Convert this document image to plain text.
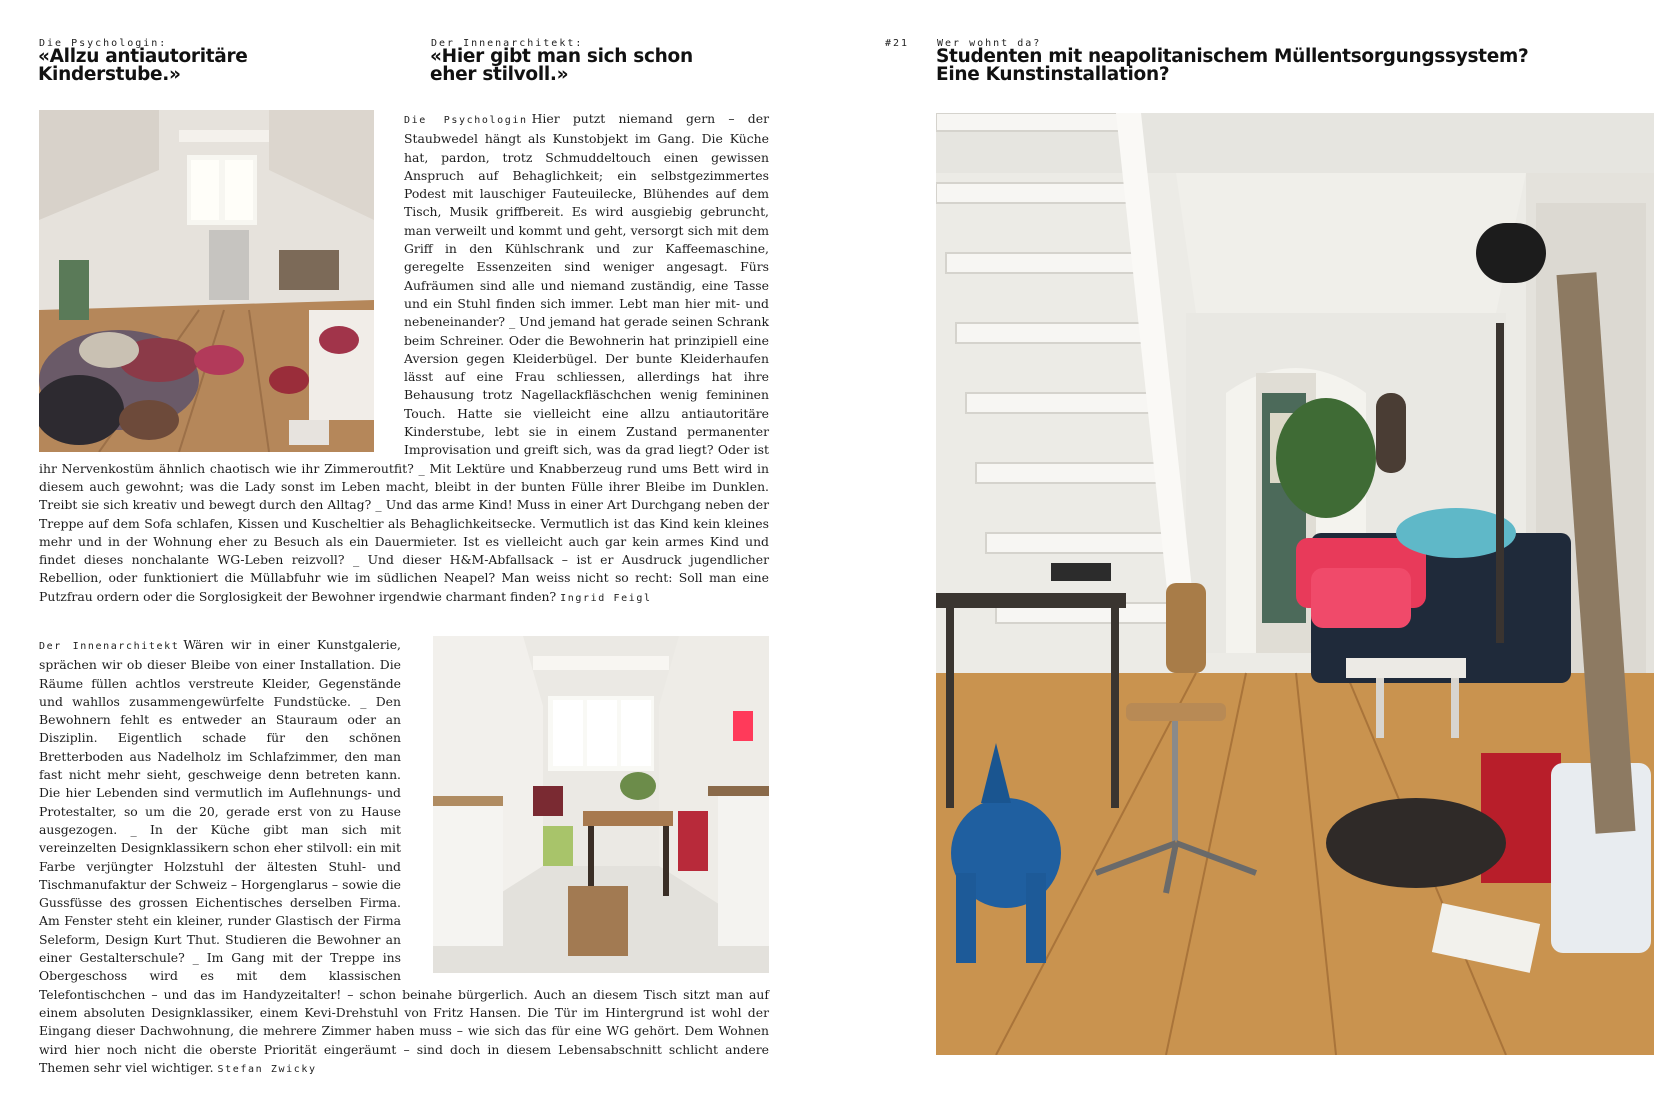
Die Psychologin:
«Allzu antiautoritäre
Kinderstube.»
Der Innenarchitekt:
«Hier gibt man sich schon
eher stilvoll.»
Die Psychologin Hier putzt niemand gern – der Staubwedel hängt als Kunstobjekt im Gang. Die Küche hat, pardon, trotz Schmuddeltouch einen gewissen Anspruch auf Behaglichkeit; ein selbstgezimmertes Podest mit lauschiger Fauteuilecke, Blühendes auf dem Tisch, Musik griffbereit. Es wird ausgiebig gebruncht, man verweilt und kommt und geht, versorgt sich mit dem Griff in den Kühlschrank und zur Kaffeemaschine, geregelte Essenzeiten sind weniger angesagt. Fürs Aufräumen sind alle und niemand zuständig, eine Tasse und ein Stuhl finden sich immer. Lebt man hier mit- und nebeneinander? _ Und jemand hat gerade seinen Schrank beim Schreiner. Oder die Bewohnerin hat prinzipiell eine Aversion gegen Kleiderbügel. Der bunte Kleiderhaufen lässt auf eine Frau schliessen, allerdings hat ihre Behausung trotz Nagellackfläschchen wenig femininen Touch. Hatte sie vielleicht eine allzu antiautoritäre Kinderstube, lebt sie in einem Zustand permanenter Improvisation und greift sich, was da grad liegt? Oder ist ihr Nervenkostüm ähnlich chaotisch wie ihr Zimmeroutfit? _ Mit Lektüre und Knabberzeug rund ums Bett wird in diesem auch gewohnt; was die Lady sonst im Leben macht, bleibt in der bunten Fülle ihrer Bleibe im Dunklen. Treibt sie sich kreativ und bewegt durch den Alltag? _ Und das arme Kind! Muss in einer Art Durchgang neben der Treppe auf dem Sofa schlafen, Kissen und Kuscheltier als Behaglichkeitsecke. Vermutlich ist das Kind kein kleines mehr und in der Wohnung eher zu Besuch als ein Dauermieter. Ist es vielleicht auch gar kein armes Kind und findet dieses nonchalante WG-Leben reizvoll? _ Und dieser H&M-Abfallsack – ist er Ausdruck jugendlicher Rebellion, oder funktioniert die Müllabfuhr wie im südlichen Neapel? Man weiss nicht so recht: Soll man eine Putzfrau ordern oder die Sorglosigkeit der Bewohner irgendwie charmant finden? Ingrid Feigl
Der Innenarchitekt Wären wir in einer Kunstgalerie, sprächen wir ob dieser Bleibe von einer Installation. Die Räume füllen achtlos verstreute Kleider, Gegenstände und wahllos zusammengewürfelte Fundstücke. _ Den Bewohnern fehlt es entweder an Stauraum oder an Disziplin. Eigentlich schade für den schönen Bretterboden aus Nadelholz im Schlafzimmer, den man fast nicht mehr sieht, geschweige denn betreten kann. Die hier Lebenden sind vermutlich im Auflehnungs- und Protestalter, so um die 20, gerade erst von zu Hause ausgezogen. _ In der Küche gibt man sich mit vereinzelten Designklassikern schon eher stilvoll: ein mit Farbe verjüngter Holzstuhl der ältesten Stuhl- und Tischmanufaktur der Schweiz – Horgenglarus – sowie die Gussfüsse des grossen Eichentisches derselben Firma. Am Fenster steht ein kleiner, runder Glastisch der Firma Seleform, Design Kurt Thut. Studieren die Bewohner an einer Gestalterschule? _ Im Gang mit der Treppe ins Obergeschoss wird es mit dem klassischen Telefontischchen – und das im Handyzeitalter! – schon beinahe bürgerlich. Auch an diesem Tisch sitzt man auf einem absoluten Designklassiker, einem Kevi-Drehstuhl von Fritz Hansen. Die Tür im Hintergrund ist wohl der Eingang dieser Dachwohnung, die mehrere Zimmer haben muss – wie sich das für eine WG gehört. Dem Wohnen wird hier noch nicht die oberste Priorität eingeräumt – sind doch in diesem Lebensabschnitt schlicht andere Themen sehr viel wichtiger. Stefan Zwicky
#21	Wer wohnt da?
Studenten mit neapolitanischem Müllentsorgungssystem?
Eine Kunstinstallation?
